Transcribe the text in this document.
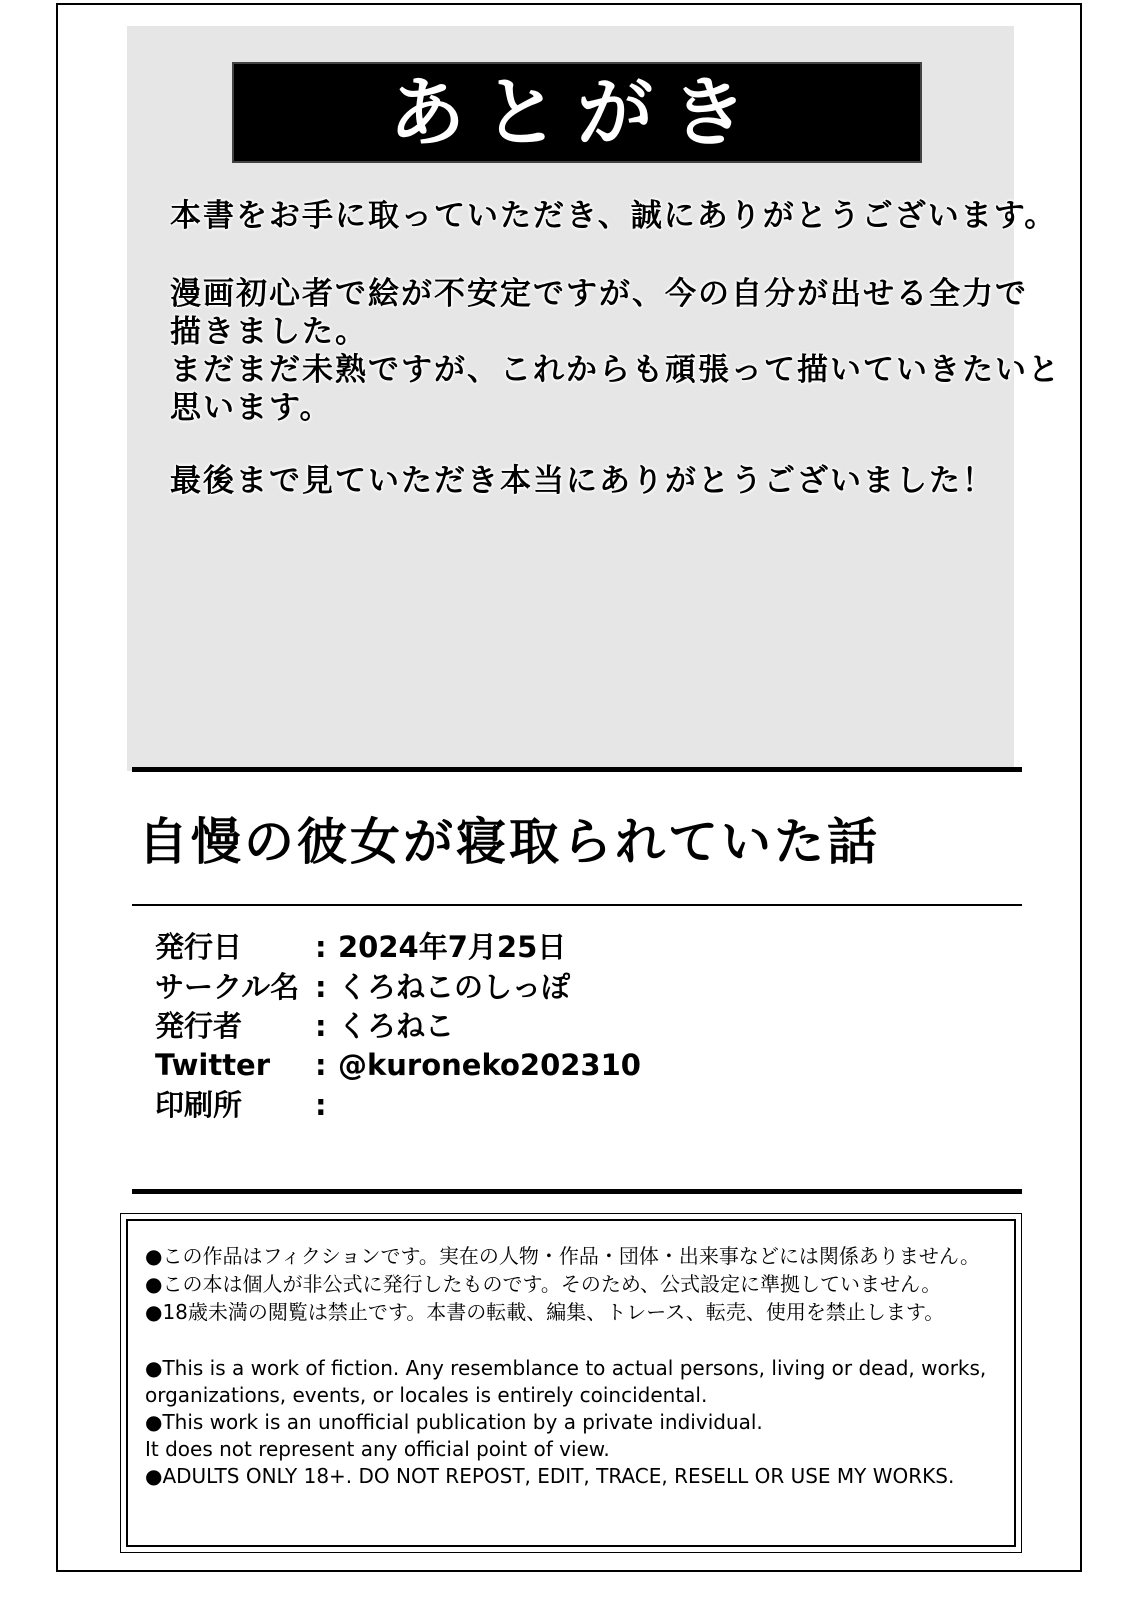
あとがき
本書をお手に取っていただき、誠にありがとうございます。
漫画初心者で絵が不安定ですが、今の自分が出せる全力で
描きました。
まだまだ未熟ですが、これからも頑張って描いていきたいと
思います。
最後まで見ていただき本当にありがとうございました！
自慢の彼女が寝取られていた話
発行日	: 2024年7月25日
サークル名 : くろねこのしっぽ
発行者	: くろねこ
Twitter : @kuroneko202310
印刷所	:
●この作品はフィクションです。実在の人物・作品・団体・出来事などには関係ありません。
●この本は個人が非公式に発行したものです。そのため、公式設定に準拠していません。
●18歳未満の閲覧は禁止です。本書の転載、編集、トレース、転売、使用を禁止します。
●This is a work of fiction. Any resemblance to actual persons, living or dead, works,
organizations, events, or locales is entirely coincidental.
●This work is an unofficial publication by a private individual.
It does not represent any official point of view.
●ADULTS ONLY 18+. DO NOT REPOST, EDIT, TRACE, RESELL OR USE MY WORKS.
